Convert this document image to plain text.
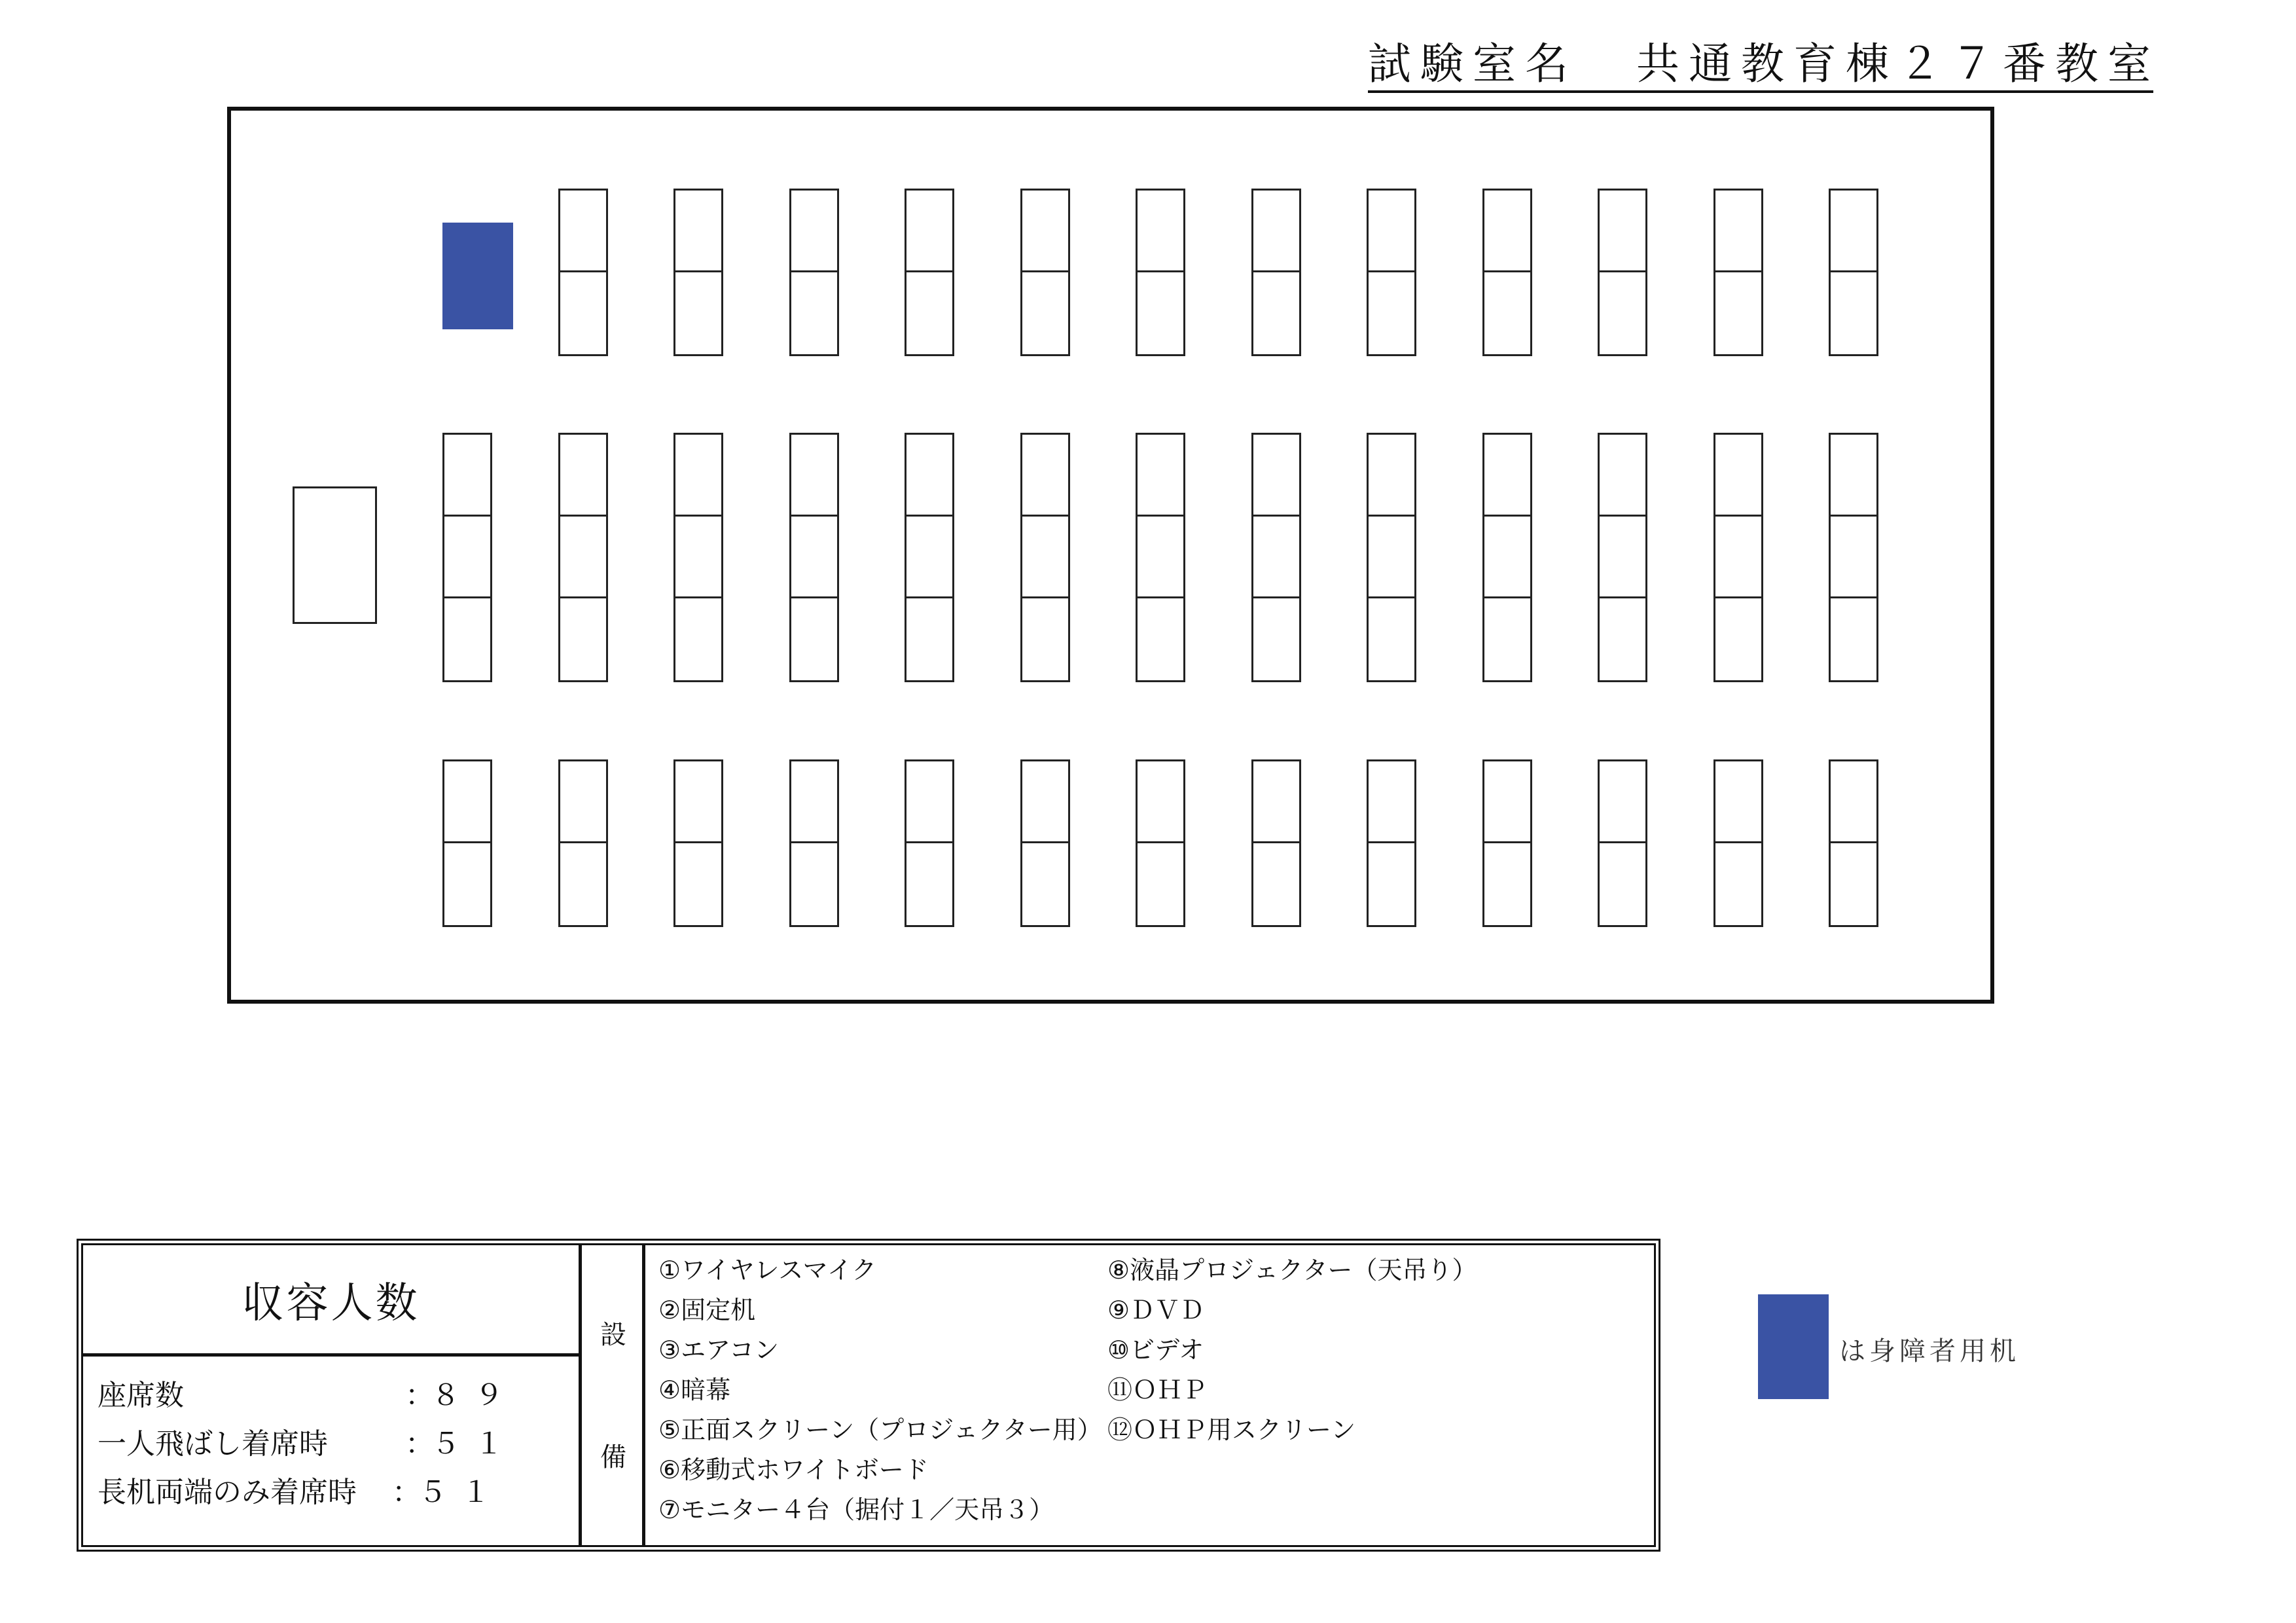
試験室名 共通教育棟２７番教室
収容人数
座席数	：
８９
一人飛ばし着席時	：
５１
長机両端のみ着席時	：
５１
設
備
①ワイヤレスマイク
②固定机
③エアコン
④暗幕
⑤正面スクリーン（プロジェクター用）
⑥移動式ホワイトボード
⑦モニター４台（据付１／天吊３）
⑧液晶プロジェクター（天吊り）
⑨ＤＶＤ
⑩ビデオ
⑪ＯＨＰ
⑫ＯＨＰ用スクリーン
は身障者用机
